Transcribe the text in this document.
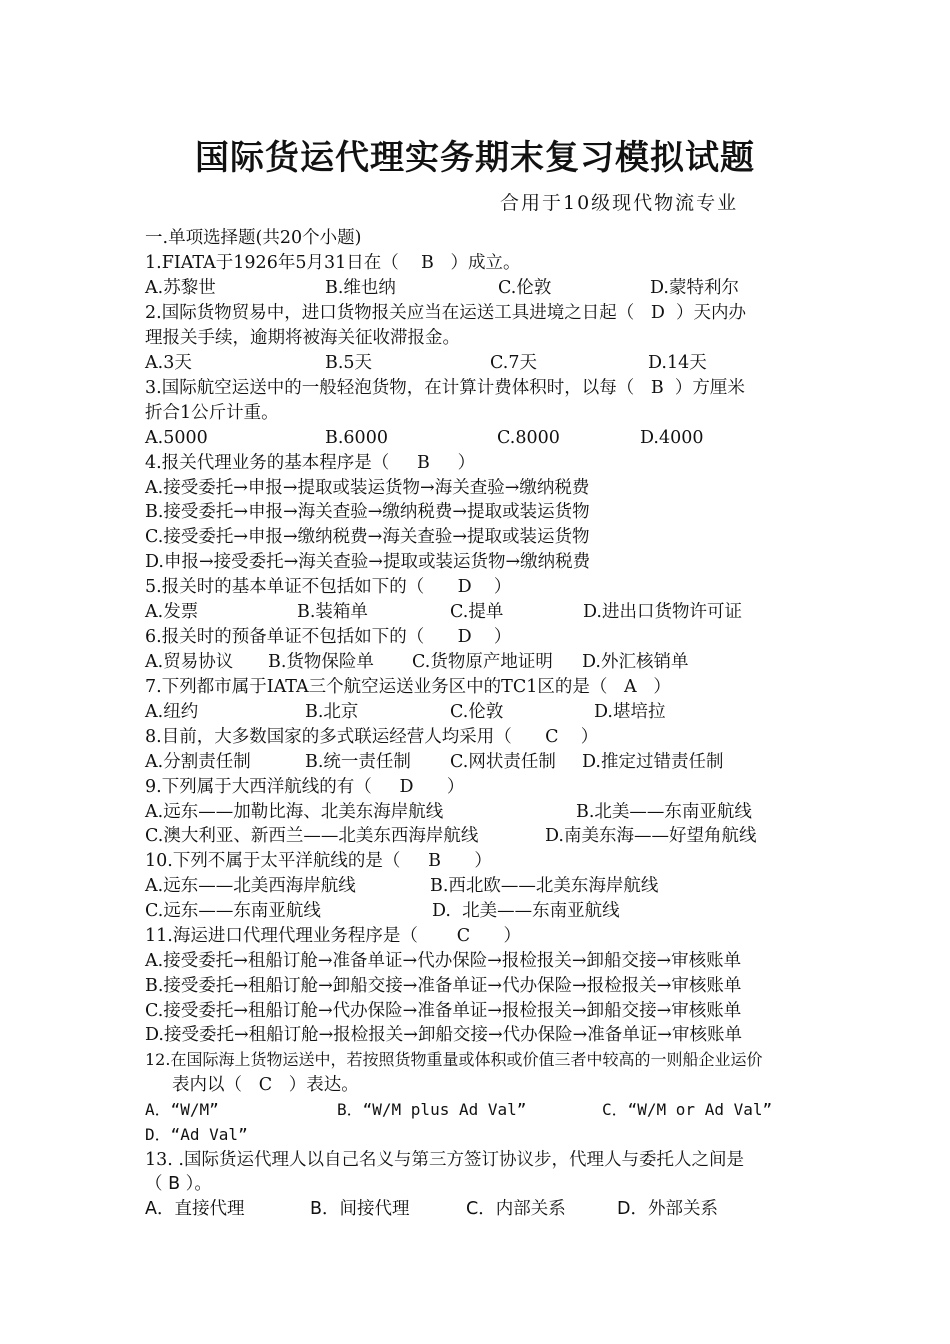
国际货运代理实务期末复习模拟试题
合用于10级现代物流专业
一.单项选择题(共20个小题)
1.FIATA于1926年5月31日在（    B   ）成立。
A.苏黎世	B.维也纳	C.伦敦	D.蒙特利尔
2.国际货物贸易中，进口货物报关应当在运送工具进境之日起（   D  ）天内办
理报关手续，逾期将被海关征收滞报金。
A.3天	B.5天	C.7天	D.14天
3.国际航空运送中的一般轻泡货物，在计算计费体积时，以每（   B  ）方厘米
折合1公斤计重。
A.5000	B.6000	C.8000	D.4000
4.报关代理业务的基本程序是（     B     ）
A.接受委托→申报→提取或装运货物→海关查验→缴纳税费
B.接受委托→申报→海关查验→缴纳税费→提取或装运货物
C.接受委托→申报→缴纳税费→海关查验→提取或装运货物
D.申报→接受委托→海关查验→提取或装运货物→缴纳税费
5.报关时的基本单证不包括如下的（      D    ）
A.发票	B.装箱单	C.提单	D.进出口货物许可证
6.报关时的预备单证不包括如下的（      D    ）
A.贸易协议 B.货物保险单 C.货物原产地证明 D.外汇核销单
7.下列都市属于IATA三个航空运送业务区中的TC1区的是（   A   ）
A.纽约	B.北京	C.伦敦	D.堪培拉
8.目前，大多数国家的多式联运经营人均采用（      C    ）
A.分割责任制	B.统一责任制 C.网状责任制 D.推定过错责任制
9.下列属于大西洋航线的有（     D      ）
A.远东——加勒比海、北美东海岸航线	B.北美——东南亚航线
C.澳大利亚、新西兰——北美东西海岸航线	D.南美东海——好望角航线
10.下列不属于太平洋航线的是（     B      ）
A.远东——北美西海岸航线	B.西北欧——北美东海岸航线
C.远东——东南亚航线	D.  北美——东南亚航线
11.海运进口代理代理业务程序是（       C      ）
A.接受委托→租船订舱→准备单证→代办保险→报检报关→卸船交接→审核账单
B.接受委托→租船订舱→卸船交接→准备单证→代办保险→报检报关→审核账单
C.接受委托→租船订舱→代办保险→准备单证→报检报关→卸船交接→审核账单
D.接受委托→租船订舱→报检报关→卸船交接→代办保险→准备单证→审核账单
12.在国际海上货物运送中，若按照货物重量或体积或价值三者中较高的一则船企业运价
表内以（   C   ）表达。
A．“W/M”	B．“W/M plus Ad Val”	C．“W/M or Ad Val”
D．“Ad Val”
13. .国际货运代理人以自己名义与第三方签订协议步，代理人与委托人之间是
（ B ）。
A．直接代理	B．间接代理	C．内部关系	D．外部关系
